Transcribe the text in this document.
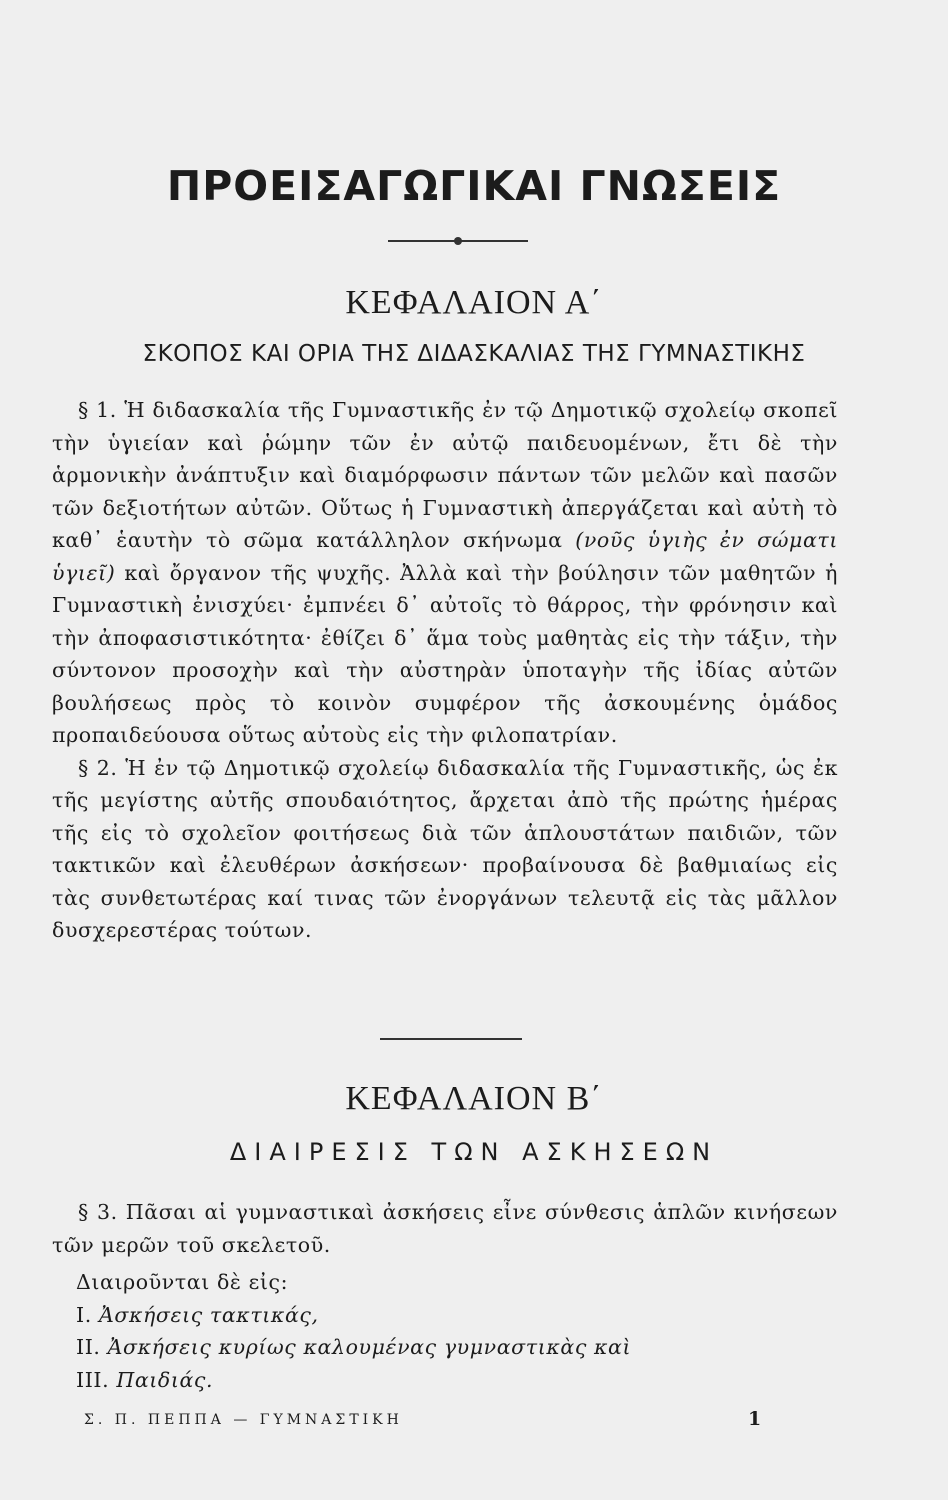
ΠΡΟΕΙΣΑΓΩΓΙΚΑΙ ΓΝΩΣΕΙΣ
ΚΕΦΑΛΑΙΟΝ Α΄
ΣΚΟΠΟΣ ΚΑΙ ΟΡΙΑ ΤΗΣ ΔΙΔΑΣΚΑΛΙΑΣ ΤΗΣ ΓΥΜΝΑΣΤΙΚΗΣ

§ 1. Ἡ διδασκαλία τῆς Γυμναστικῆς ἐν τῷ Δημοτικῷ σχολείῳ σκοπεῖ τὴν ὑγιείαν καὶ ῥώμην τῶν ἐν αὐτῷ παιδευομένων, ἔτι δὲ τὴν ἁρμονικὴν ἀνάπτυξιν καὶ διαμόρφωσιν πάντων τῶν μελῶν καὶ πασῶν τῶν δεξιοτήτων αὐτῶν. Οὕτως ἡ Γυμναστικὴ ἀπεργάζεται καὶ αὐτὴ τὸ καθ᾽ ἑαυτὴν τὸ σῶμα κατάλληλον σκήνωμα (νοῦς ὑγιὴς ἐν σώματι ὑγιεῖ) καὶ ὄργανον τῆς ψυχῆς. Ἀλλὰ καὶ τὴν βούλησιν τῶν μαθητῶν ἡ Γυμναστικὴ ἐνισχύει· ἐμπνέει δ᾽ αὐτοῖς τὸ θάρρος, τὴν φρόνησιν καὶ τὴν ἀποφασιστικότητα· ἐθίζει δ᾽ ἅμα τοὺς μαθητὰς εἰς τὴν τάξιν, τὴν σύντονον προσοχὴν καὶ τὴν αὐστηρὰν ὑποταγὴν τῆς ἰδίας αὐτῶν βουλήσεως πρὸς τὸ κοινὸν συμφέρον τῆς ἀσκουμένης ὁμάδος προπαιδεύουσα οὕτως αὐτοὺς εἰς τὴν φιλοπατρίαν.

§ 2. Ἡ ἐν τῷ Δημοτικῷ σχολείῳ διδασκαλία τῆς Γυμναστικῆς, ὡς ἐκ τῆς μεγίστης αὐτῆς σπουδαιότητος, ἄρχεται ἀπὸ τῆς πρώτης ἡμέρας τῆς εἰς τὸ σχολεῖον φοιτήσεως διὰ τῶν ἁπλουστάτων παιδιῶν, τῶν τακτικῶν καὶ ἐλευθέρων ἀσκήσεων· προβαίνουσα δὲ βαθμιαίως εἰς τὰς συνθετωτέρας καί τινας τῶν ἐνοργάνων τελευτᾷ εἰς τὰς μᾶλλον δυσχερεστέρας τούτων.

ΚΕΦΑΛΑΙΟΝ Β΄
ΔΙΑΙΡΕΣΙΣ ΤΩΝ ΑΣΚΗΣΕΩΝ

§ 3. Πᾶσαι αἱ γυμναστικαὶ ἀσκήσεις εἶνε σύνθεσις ἁπλῶν κινήσεων τῶν μερῶν τοῦ σκελετοῦ.

Διαιροῦνται δὲ εἰς:
I. Ἀσκήσεις τακτικάς,
II. Ἀσκήσεις κυρίως καλουμένας γυμναστικὰς καὶ
III. Παιδιάς.
Σ. Π. ΠΕΠΠΑ — ΓΥΜΝΑΣΤΙΚΗ	1
